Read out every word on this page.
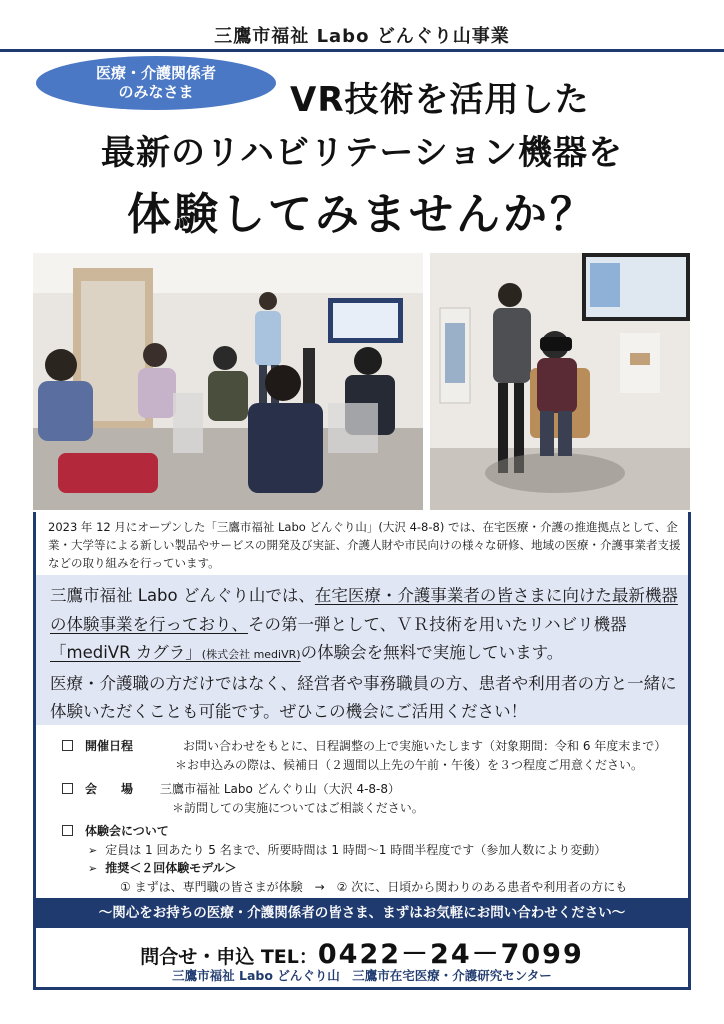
三鷹市福祉 Labo どんぐり山事業
医療・介護関係者
のみなさま	VR技術を活用した
最新のリハビリテーション機器を
体験してみませんか？

2023 年 12 月にオープンした「三鷹市福祉 Labo どんぐり山」(大沢 4-8-8) では、在宅医療・介護の推進拠点として、企業・大学等による新しい製品やサービスの開発及び実証、介護人財や市民向けの様々な研修、地域の医療・介護事業者支援などの取り組みを行っています。

三鷹市福祉 Labo どんぐり山では、在宅医療・介護事業者の皆さまに向けた最新機器の体験事業を行っており、その第一弾として、ＶＲ技術を用いたリハビリ機器「mediVR カグラ」(株式会社 mediVR)の体験会を無料で実施しています。

医療・介護職の方だけではなく、経営者や事務職員の方、患者や利用者の方と一緒に体験いただくことも可能です。ぜひこの機会にご活用ください！

開催日程	お問い合わせをもとに、日程調整の上で実施いたします（対象期間：令和 6 年度末まで）
＊お申込みの際は、候補日（２週間以上先の午前・午後）を３つ程度ご用意ください。
会　　場 三鷹市福祉 Labo どんぐり山（大沢 4-8-8）
＊訪問しての実施についてはご相談ください。
体験会について
➢ 定員は 1 回あたり 5 名まで、所要時間は 1 時間～1 時間半程度です（参加人数により変動）
➢ 推奨＜２回体験モデル＞
① まずは、専門職の皆さまが体験　→　② 次に、日頃から関わりのある患者や利用者の方にも
～関心をお持ちの医療・介護関係者の皆さま、まずはお気軽にお問い合わせください～
問合せ・申込 TEL：0422－24－7099
三鷹市福祉 Labo どんぐり山　三鷹市在宅医療・介護研究センター
